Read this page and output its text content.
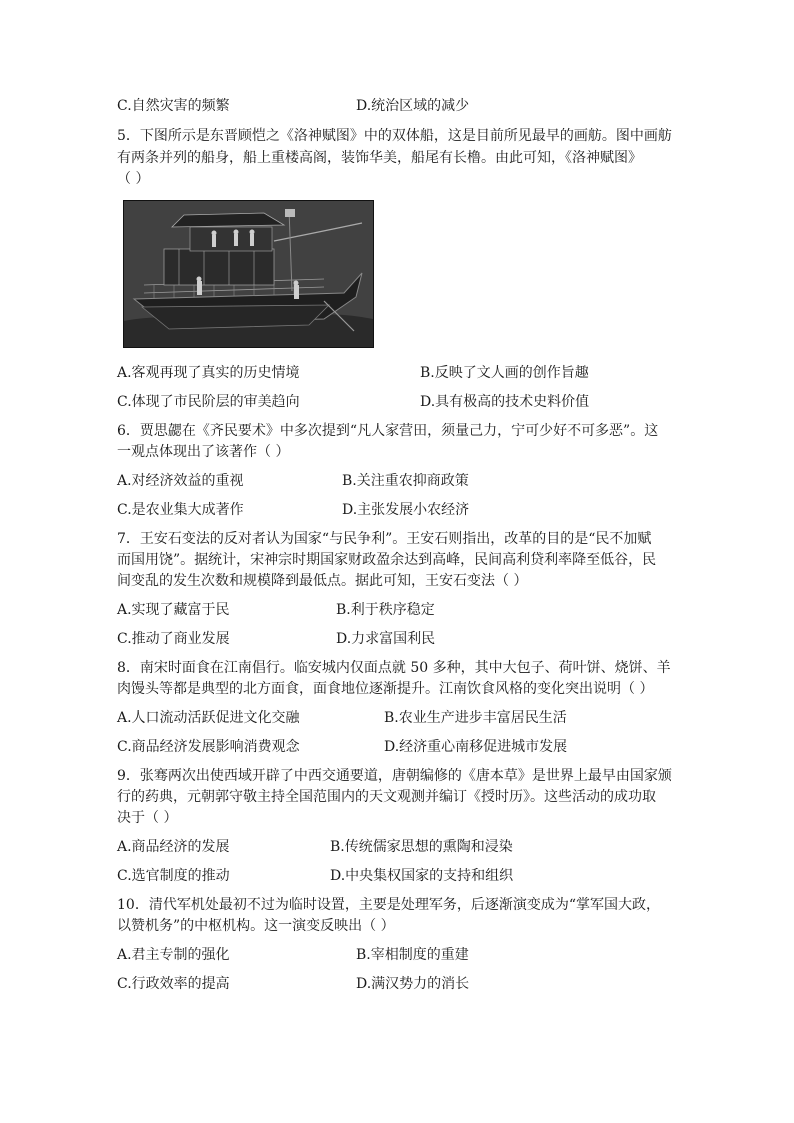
C.自然灾害的频繁	D.统治区域的减少
5．下图所示是东晋顾恺之《洛神赋图》中的双体船，这是目前所见最早的画舫。图中画舫
有两条并列的船身，船上重楼高阁，装饰华美，船尾有长橹。由此可知，《洛神赋图》
（ ）
A.客观再现了真实的历史情境	B.反映了文人画的创作旨趣
C.体现了市民阶层的审美趋向	D.具有极高的技术史料价值
6．贾思勰在《齐民要术》中多次提到“凡人家营田，须量己力，宁可少好不可多恶”。这
一观点体现出了该著作（ ）
A.对经济效益的重视	B.关注重农抑商政策
C.是农业集大成著作	D.主张发展小农经济
7．王安石变法的反对者认为国家“与民争利”。王安石则指出，改革的目的是“民不加赋
而国用饶”。据统计，宋神宗时期国家财政盈余达到高峰，民间高利贷利率降至低谷，民
间变乱的发生次数和规模降到最低点。据此可知，王安石变法（ ）
A.实现了藏富于民	B.利于秩序稳定
C.推动了商业发展	D.力求富国利民
8．南宋时面食在江南倡行。临安城内仅面点就 50 多种，其中大包子、荷叶饼、烧饼、羊
肉馒头等都是典型的北方面食，面食地位逐渐提升。江南饮食风格的变化突出说明（ ）
A.人口流动活跃促进文化交融	B.农业生产进步丰富居民生活
C.商品经济发展影响消费观念	D.经济重心南移促进城市发展
9．张骞两次出使西域开辟了中西交通要道，唐朝编修的《唐本草》是世界上最早由国家颁
行的药典，元朝郭守敬主持全国范围内的天文观测并编订《授时历》。这些活动的成功取
决于（ ）
A.商品经济的发展	B.传统儒家思想的熏陶和浸染
C.选官制度的推动	D.中央集权国家的支持和组织
10．清代军机处最初不过为临时设置，主要是处理军务，后逐渐演变成为“掌军国大政，
以赞机务”的中枢机构。这一演变反映出（ ）
A.君主专制的强化	B.宰相制度的重建
C.行政效率的提高	D.满汉势力的消长
